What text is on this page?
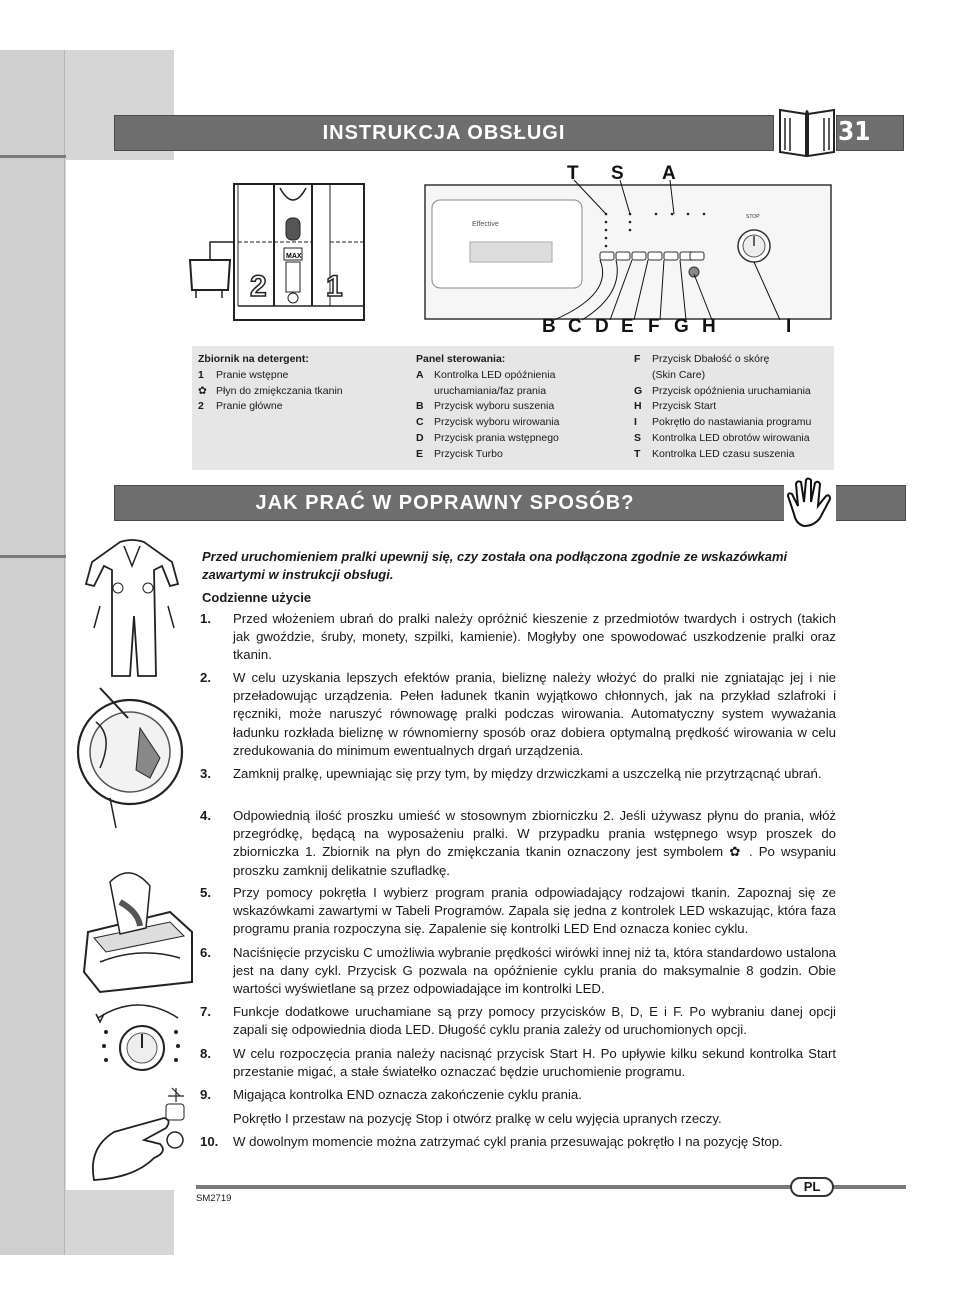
INSTRUKCJA OBSŁUGI	31
MAX
2 1
Effective
STOP
T S A
B C D E F G H	I
Zbiornik na detergent:
1	Pranie wstępne
✿ Płyn do zmiękczania tkanin
2	Pranie główne
Panel sterowania:
A Kontrolka LED opóźnienia
uruchamiania/faz prania
B Przycisk wyboru suszenia
C Przycisk wyboru wirowania
D Przycisk prania wstępnego
E	Przycisk Turbo
F	Przycisk Dbałość o skórę
(Skin Care)
G Przycisk opóźnienia uruchamiania
H Przycisk Start
I	Pokrętło do nastawiania programu
S	Kontrolka LED obrotów wirowania
T	Kontrolka LED czasu suszenia
JAK PRAĆ W POPRAWNY SPOSÓB?
Przed uruchomieniem pralki upewnij się, czy została ona podłączona zgodnie ze wskazówkami zawartymi w instrukcji obsługi.
Codzienne użycie
1. Przed włożeniem ubrań do pralki należy opróżnić kieszenie z przedmiotów twardych i ostrych (takich jak gwoździe, śruby, monety, szpilki, kamienie). Mogłyby one spowodować uszkodzenie pralki oraz tkanin.
2. W celu uzyskania lepszych efektów prania, bieliznę należy włożyć do pralki nie zgniatając jej i nie przeładowując urządzenia. Pełen ładunek tkanin wyjątkowo chłonnych, jak na przykład szlafroki i ręczniki, może naruszyć równowagę pralki podczas wirowania. Automatyczny system wyważania ładunku rozkłada bieliznę w równomierny sposób oraz dobiera optymalną prędkość wirowania w celu zredukowania do minimum ewentualnych drgań urządzenia.
3. Zamknij pralkę, upewniając się przy tym, by między drzwiczkami a uszczelką nie przytrzącnąć ubrań.
4. Odpowiednią ilość proszku umieść w stosownym zbiorniczku 2. Jeśli używasz płynu do prania, włóż przegródkę, będącą na wyposażeniu pralki. W przypadku prania wstępnego wsyp proszek do zbiorniczka 1. Zbiornik na płyn do zmiękczania tkanin oznaczony jest symbolem ✿ . Po wsypaniu proszku zamknij delikatnie szufladkę.
5. Przy pomocy pokrętła I wybierz program prania odpowiadający rodzajowi tkanin. Zapoznaj się ze wskazówkami zawartymi w Tabeli Programów. Zapala się jedna z kontrolek LED wskazując, która faza programu prania rozpoczyna się. Zapalenie się kontrolki LED End oznacza koniec cyklu.
6. Naciśnięcie przycisku C umożliwia wybranie prędkości wirówki innej niż ta, która standardowo ustalona jest na dany cykl. Przycisk G pozwala na opóźnienie cyklu prania do maksymalnie 8 godzin. Obie wartości wyświetlane są przez odpowiadające im kontrolki LED.
7. Funkcje dodatkowe uruchamiane są przy pomocy przycisków B, D, E i F. Po wybraniu danej opcji zapali się odpowiednia dioda LED. Długość cyklu prania zależy od uruchomionych opcji.
8. W celu rozpoczęcia prania należy nacisnąć przycisk Start H. Po upływie kilku sekund kontrolka Start przestanie migać, a stałe światełko oznaczać będzie uruchomienie programu.
9. Migająca kontrolka END oznacza zakończenie cyklu prania.
Pokrętło I przestaw na pozycję Stop i otwórz pralkę w celu wyjęcia upranych rzeczy.
10. W dowolnym momencie można zatrzymać cykl prania przesuwając pokrętło I na pozycję Stop.
PL
SM2719
